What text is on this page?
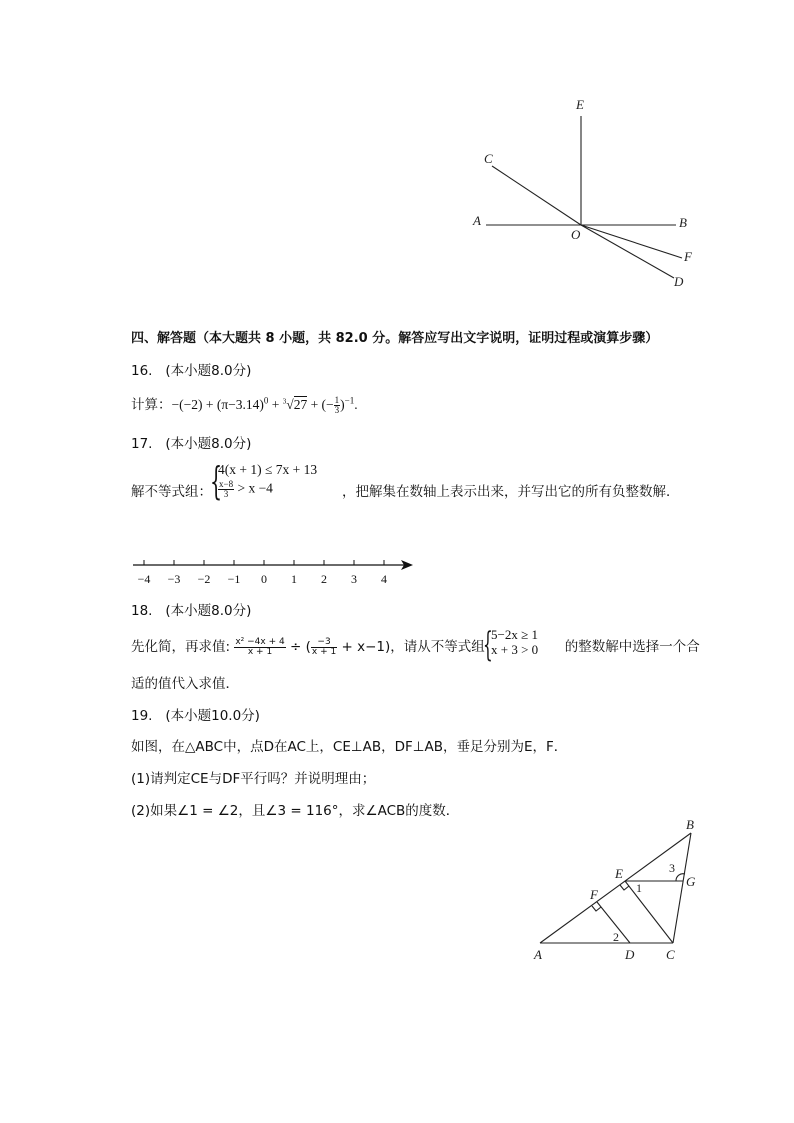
E
C
A
O
B
F
D
四、解答题（本大题共 8 小题，共 82.0 分。解答应写出文字说明，证明过程或演算步骤）
16. (本小题8.0分)
计算：$-(-2) + (\pi-3.14)^0 + ^3√27$ + (− $\frac{1}{3} )^{-1}$.
17. (本小题8.0分)
解不等式组：
{
4(x + 1) ≤ 7x + 13
$\frac{x-8}{3} > x -4$	，把解集在数轴上表示出来，并写出它的所有负整数解．
−4 −3 −2 −1 0 1 2 3 4
18. (本小题8.0分)
先化简，再求值: $\frac{\text{x² −4x + 4}}{x + 1}$ ÷ ( $\frac{-3}{x + 1} + x-1$)，请从不等式组	的整数解中选择一个合
{
5−2x ≥ 1
x + 3 > 0
适的值代入求值．
19. (本小题10.0分)
如图，在△ABC中，点D在AC上，CE⊥AB，DF⊥AB，垂足分别为E，F．
(1)请判定CE与DF平行吗？并说明理由；
(2)如果∠1 = ∠2，且∠3 = 116°，求∠ACB的度数．
B
E
G
F
A	D C
1
2
3
